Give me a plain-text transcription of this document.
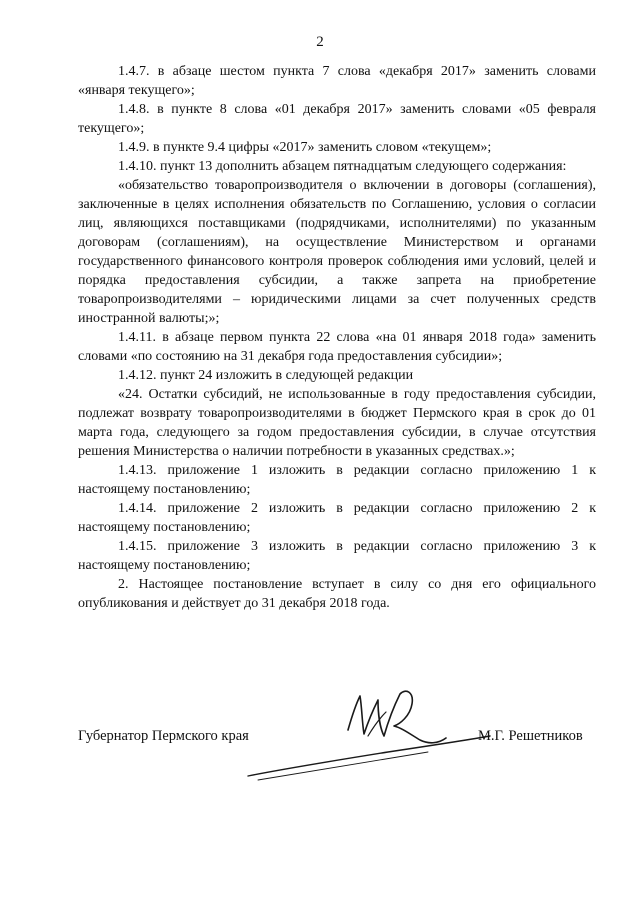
2

1.4.7. в абзаце шестом пункта 7 слова «декабря 2017» заменить словами «января текущего»;

1.4.8. в пункте 8 слова «01 декабря 2017» заменить словами «05 февраля текущего»;

1.4.9. в пункте 9.4 цифры «2017» заменить словом «текущем»;

1.4.10. пункт 13 дополнить абзацем пятнадцатым следующего содержания:

«обязательство товаропроизводителя о включении в договоры (соглашения), заключенные в целях исполнения обязательств по Соглашению, условия о согласии лиц, являющихся поставщиками (подрядчиками, исполнителями) по указанным договорам (соглашениям), на осуществление Министерством и органами государственного финансового контроля проверок соблюдения ими условий, целей и порядка предоставления субсидии, а также запрета на приобретение товаропроизводителями – юридическими лицами за счет полученных средств иностранной валюты;»;

1.4.11. в абзаце первом пункта 22 слова «на 01 января 2018 года» заменить словами «по состоянию на 31 декабря года предоставления субсидии»;

1.4.12. пункт 24 изложить в следующей редакции

«24. Остатки субсидий, не использованные в году предоставления субсидии, подлежат возврату товаропроизводителями в бюджет Пермского края в срок до 01 марта года, следующего за годом предоставления субсидии, в случае отсутствия решения Министерства о наличии потребности в указанных средствах.»;

1.4.13. приложение 1 изложить в редакции согласно приложению 1 к настоящему постановлению;

1.4.14. приложение 2 изложить в редакции согласно приложению 2 к настоящему постановлению;

1.4.15. приложение 3 изложить в редакции согласно приложению 3 к настоящему постановлению;

2. Настоящее постановление вступает в силу со дня его официального опубликования и действует до 31 декабря 2018 года.

Губернатор Пермского края	М.Г. Решетников
